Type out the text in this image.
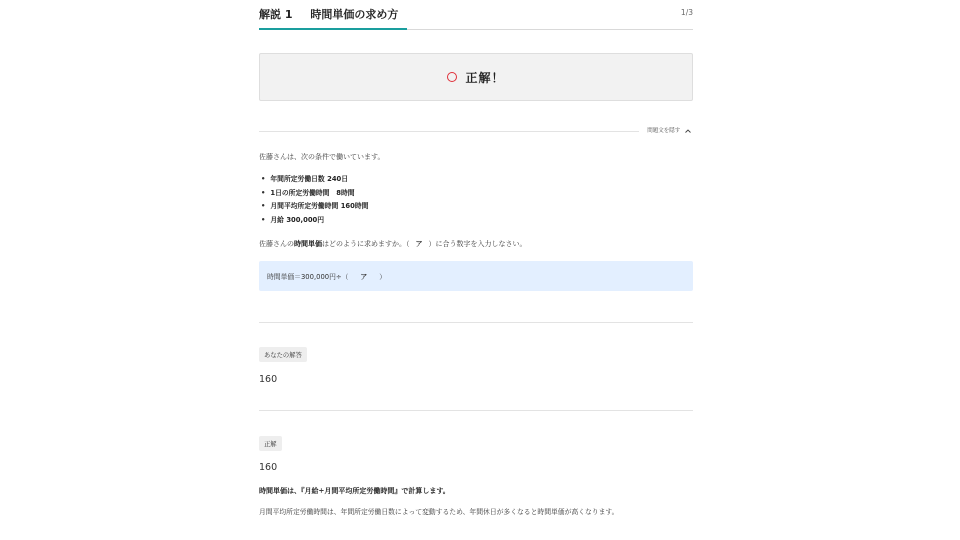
解説 1 時間単価の求め方	1/3
正解！
問題文を隠す
佐藤さんは、次の条件で働いています。
• 年間所定労働日数 240日
• 1日の所定労働時間　8時間
• 月間平均所定労働時間 160時間
• 月給 300,000円
佐藤さんの時間単価はどのように求めますか。（ ア ）に合う数字を入力しなさい。
時間単価＝300,000円÷（ ア ）
あなたの解答
160
正解
160
時間単価は、『月給÷月間平均所定労働時間』で計算します。
月間平均所定労働時間は、年間所定労働日数によって変動するため、年間休日が多くなると時間単価が高くなります。
